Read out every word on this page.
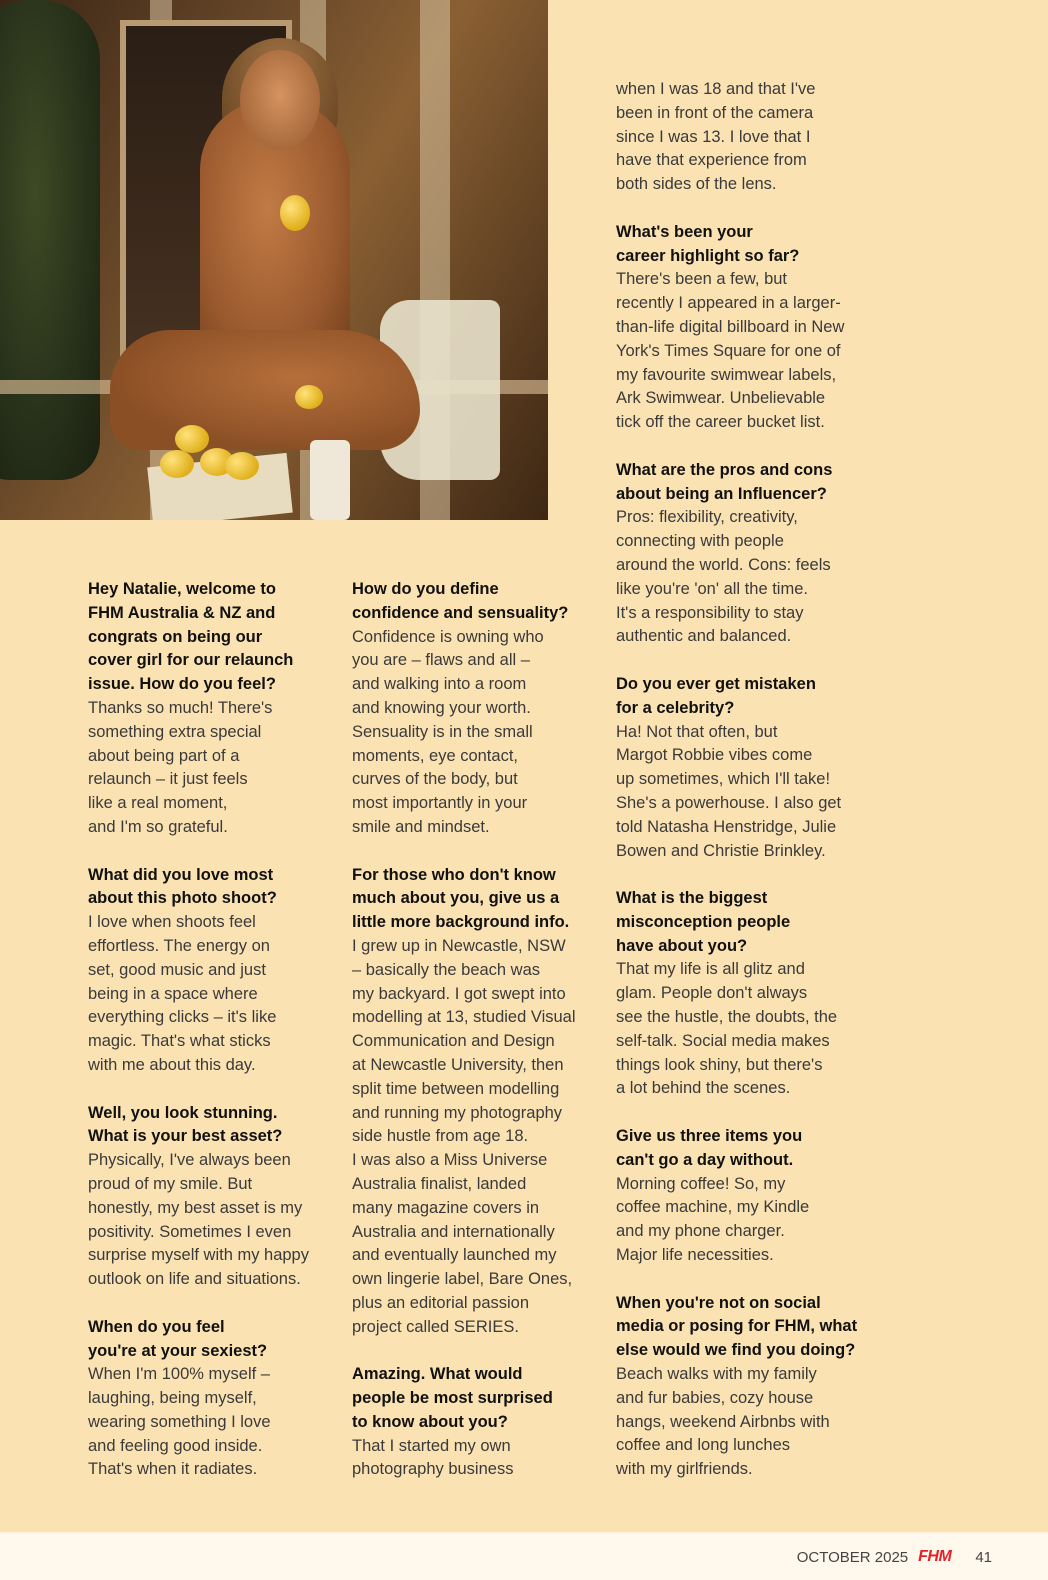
Hey Natalie, welcome to
FHM Australia & NZ and
congrats on being our
cover girl for our relaunch
issue. How do you feel?

Thanks so much! There's
something extra special
about being part of a
relaunch – it just feels
like a real moment,
and I'm so grateful.

What did you love most
about this photo shoot?

I love when shoots feel
effortless. The energy on
set, good music and just
being in a space where
everything clicks – it's like
magic. That's what sticks
with me about this day.

Well, you look stunning.
What is your best asset?

Physically, I've always been
proud of my smile. But
honestly, my best asset is my
positivity. Sometimes I even
surprise myself with my happy
outlook on life and situations.

When do you feel
you're at your sexiest?

When I'm 100% myself –
laughing, being myself,
wearing something I love
and feeling good inside.
That's when it radiates.

How do you define
confidence and sensuality?

Confidence is owning who
you are – flaws and all –
and walking into a room
and knowing your worth.
Sensuality is in the small
moments, eye contact,
curves of the body, but
most importantly in your
smile and mindset.

For those who don't know
much about you, give us a
little more background info.

I grew up in Newcastle, NSW
– basically the beach was
my backyard. I got swept into
modelling at 13, studied Visual
Communication and Design
at Newcastle University, then
split time between modelling
and running my photography
side hustle from age 18.
I was also a Miss Universe
Australia finalist, landed
many magazine covers in
Australia and internationally
and eventually launched my
own lingerie label, Bare Ones,
plus an editorial passion
project called SERIES.

Amazing. What would
people be most surprised
to know about you?

That I started my own
photography business

when I was 18 and that I've
been in front of the camera
since I was 13. I love that I
have that experience from
both sides of the lens.

What's been your
career highlight so far?

There's been a few, but
recently I appeared in a larger-
than-life digital billboard in New
York's Times Square for one of
my favourite swimwear labels,
Ark Swimwear. Unbelievable
tick off the career bucket list.

What are the pros and cons
about being an Influencer?

Pros: flexibility, creativity,
connecting with people
around the world. Cons: feels
like you're 'on' all the time.
It's a responsibility to stay
authentic and balanced.

Do you ever get mistaken
for a celebrity?

Ha! Not that often, but
Margot Robbie vibes come
up sometimes, which I'll take!
She's a powerhouse. I also get
told Natasha Henstridge, Julie
Bowen and Christie Brinkley.

What is the biggest
misconception people
have about you?

That my life is all glitz and
glam. People don't always
see the hustle, the doubts, the
self-talk. Social media makes
things look shiny, but there's
a lot behind the scenes.

Give us three items you
can't go a day without.

Morning coffee! So, my
coffee machine, my Kindle
and my phone charger.
Major life necessities.

When you're not on social
media or posing for FHM, what
else would we find you doing?

Beach walks with my family
and fur babies, cozy house
hangs, weekend Airbnbs with
coffee and long lunches
with my girlfriends.

OCTOBER 2025 FHM 41
